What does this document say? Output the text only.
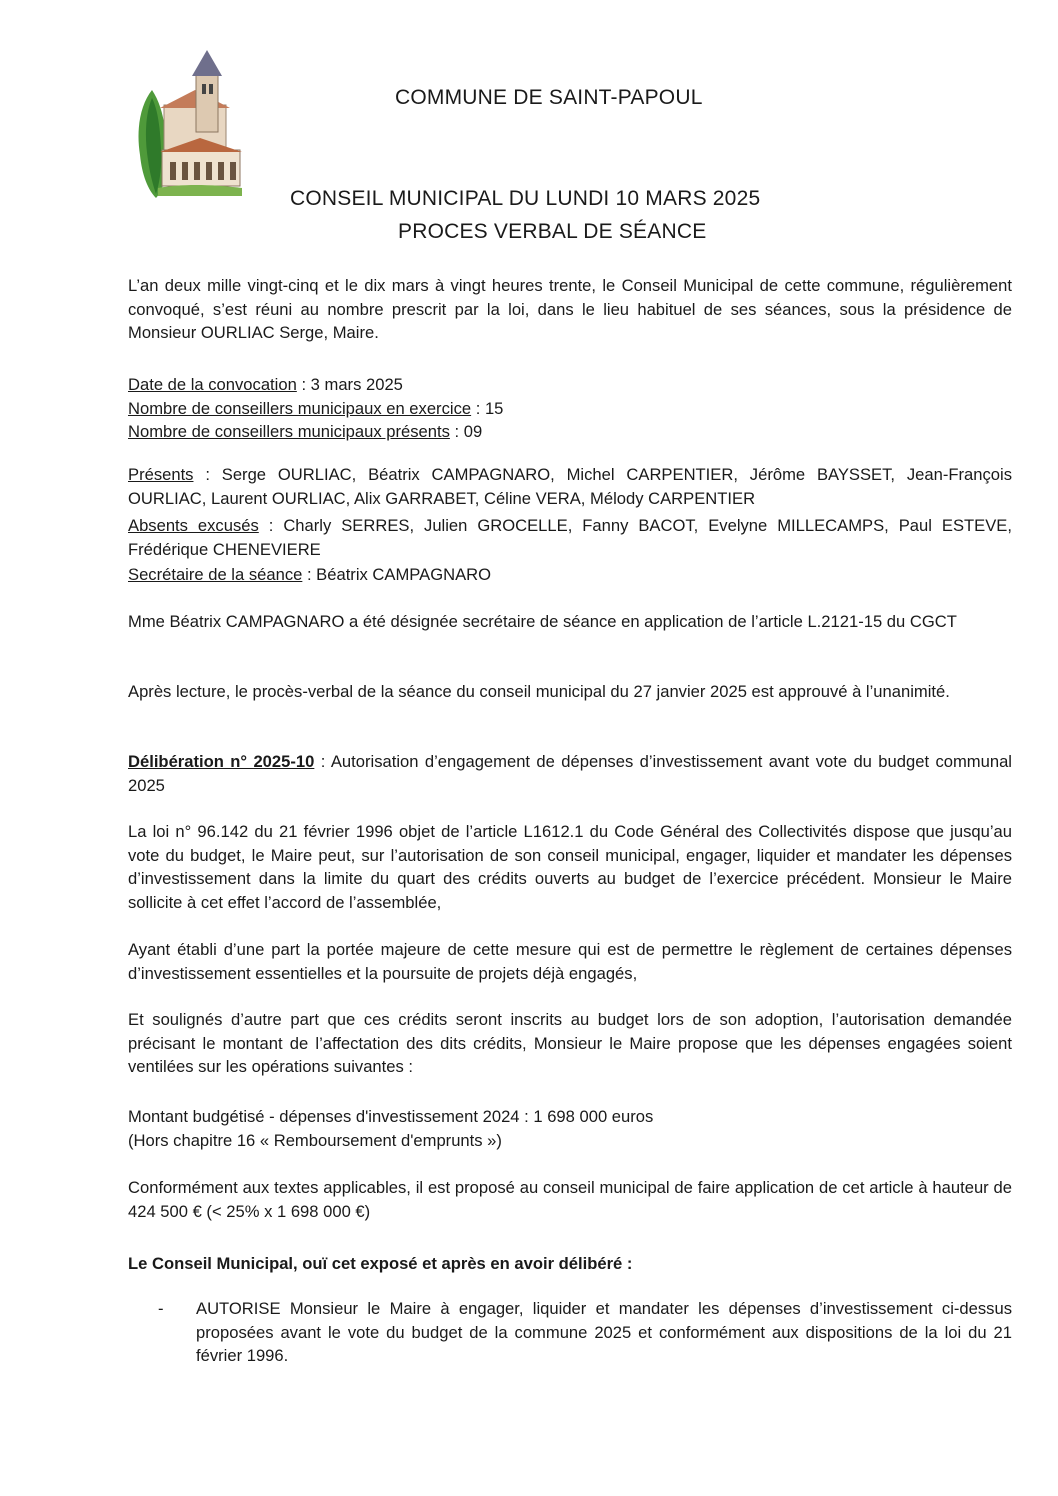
COMMUNE DE SAINT-PAPOUL
CONSEIL MUNICIPAL DU LUNDI 10 MARS 2025
PROCES VERBAL DE SÉANCE
L’an deux mille vingt-cinq et le dix mars à vingt heures trente, le Conseil Municipal de cette commune, régulièrement convoqué, s’est réuni au nombre prescrit par la loi, dans le lieu habituel de ses séances, sous la présidence de Monsieur OURLIAC Serge, Maire.
Date de la convocation : 3 mars 2025
Nombre de conseillers municipaux en exercice : 15
Nombre de conseillers municipaux présents : 09
Présents : Serge OURLIAC, Béatrix CAMPAGNARO, Michel CARPENTIER, Jérôme BAYSSET, Jean-François OURLIAC, Laurent OURLIAC, Alix GARRABET, Céline VERA, Mélody CARPENTIER
Absents excusés : Charly SERRES, Julien GROCELLE, Fanny BACOT, Evelyne MILLECAMPS, Paul ESTEVE, Frédérique CHENEVIERE
Secrétaire de la séance : Béatrix CAMPAGNARO
Mme Béatrix CAMPAGNARO a été désignée secrétaire de séance en application de l’article L.2121-15 du CGCT
Après lecture, le procès-verbal de la séance du conseil municipal du 27 janvier 2025 est approuvé à l’unanimité.
Délibération n° 2025-10 : Autorisation d’engagement de dépenses d’investissement avant vote du budget communal 2025
La loi n° 96.142 du 21 février 1996 objet de l’article L1612.1 du Code Général des Collectivités dispose que jusqu’au vote du budget, le Maire peut, sur l’autorisation de son conseil municipal, engager, liquider et mandater les dépenses d’investissement dans la limite du quart des crédits ouverts au budget de l’exercice précédent. Monsieur le Maire sollicite à cet effet l’accord de l’assemblée,
Ayant établi d’une part la portée majeure de cette mesure qui est de permettre le règlement de certaines dépenses d’investissement essentielles et la poursuite de projets déjà engagés,
Et soulignés d’autre part que ces crédits seront inscrits au budget lors de son adoption, l’autorisation demandée précisant le montant de l’affectation des dits crédits, Monsieur le Maire propose que les dépenses engagées soient ventilées sur les opérations suivantes :
Montant budgétisé - dépenses d'investissement 2024 : 1 698 000 euros
(Hors chapitre 16 « Remboursement d'emprunts »)
Conformément aux textes applicables, il est proposé au conseil municipal de faire application de cet article à hauteur de 424 500 € (< 25% x 1 698 000 €)
Le Conseil Municipal, ouï cet exposé et après en avoir délibéré :
- AUTORISE Monsieur le Maire à engager, liquider et mandater les dépenses d’investissement ci-dessus proposées avant le vote du budget de la commune 2025 et conformément aux dispositions de la loi du 21 février 1996.
